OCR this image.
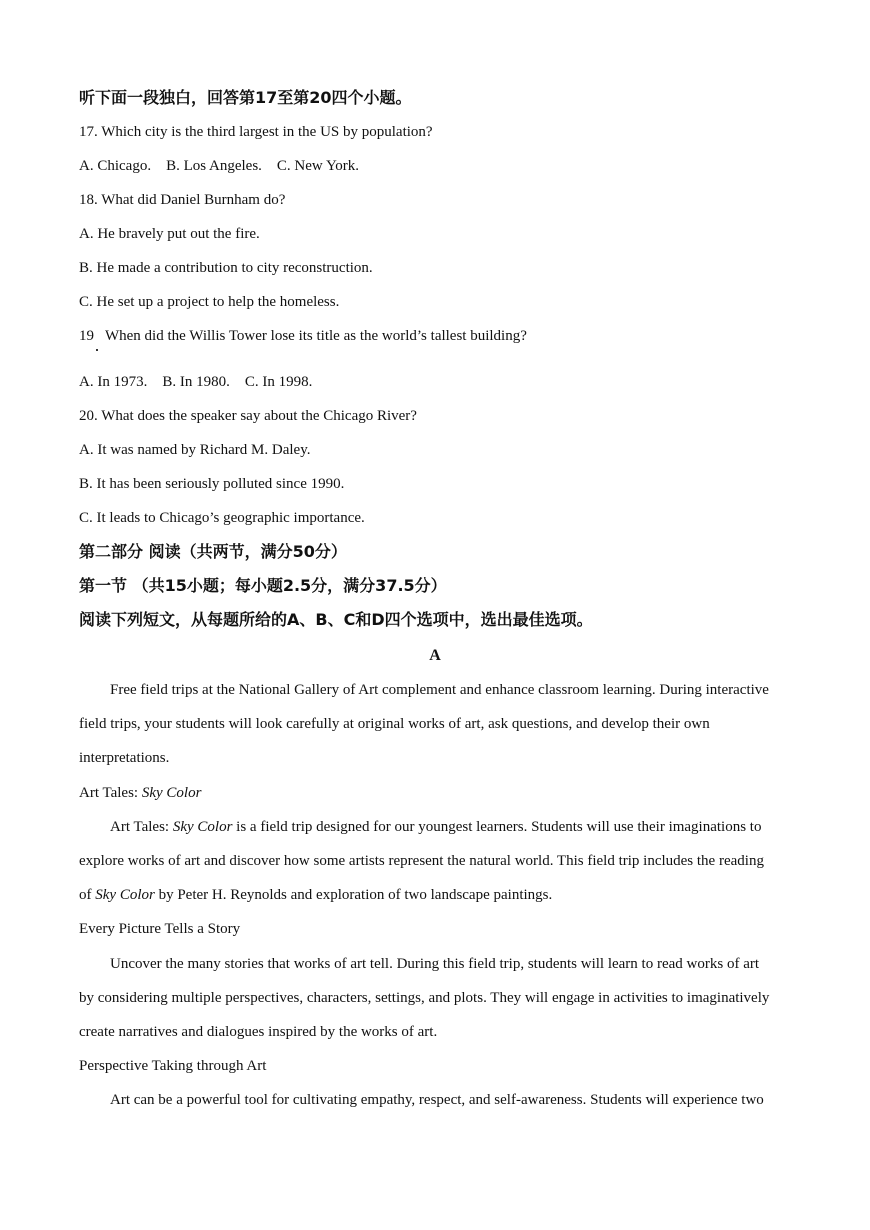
听下面一段独白，回答第17至第20四个小题。
17. Which city is the third largest in the US by population?
A. Chicago. B. Los Angeles. C. New York.
18. What did Daniel Burnham do?
A. He bravely put out the fire.
B. He made a contribution to city reconstruction.
C. He set up a project to help the homeless.
19 When did the Willis Tower lose its title as the world’s tallest building?
A. In 1973. B. In 1980. C. In 1998.
20. What does the speaker say about the Chicago River?
A. It was named by Richard M. Daley.
B. It has been seriously polluted since 1990.
C. It leads to Chicago’s geographic importance.
第二部分 阅读（共两节，满分50分）
第一节 （共15小题；每小题2.5分，满分37.5分）
阅读下列短文，从每题所给的A、B、C和D四个选项中，选出最佳选项。
A
Free field trips at the National Gallery of Art complement and enhance classroom learning. During interactive
field trips, your students will look carefully at original works of art, ask questions, and develop their own
interpretations.
Art Tales: Sky Color
Art Tales: Sky Color is a field trip designed for our youngest learners. Students will use their imaginations to
explore works of art and discover how some artists represent the natural world. This field trip includes the reading
of Sky Color by Peter H. Reynolds and exploration of two landscape paintings.
Every Picture Tells a Story
Uncover the many stories that works of art tell. During this field trip, students will learn to read works of art
by considering multiple perspectives, characters, settings, and plots. They will engage in activities to imaginatively
create narratives and dialogues inspired by the works of art.
Perspective Taking through Art
Art can be a powerful tool for cultivating empathy, respect, and self-awareness. Students will experience two
